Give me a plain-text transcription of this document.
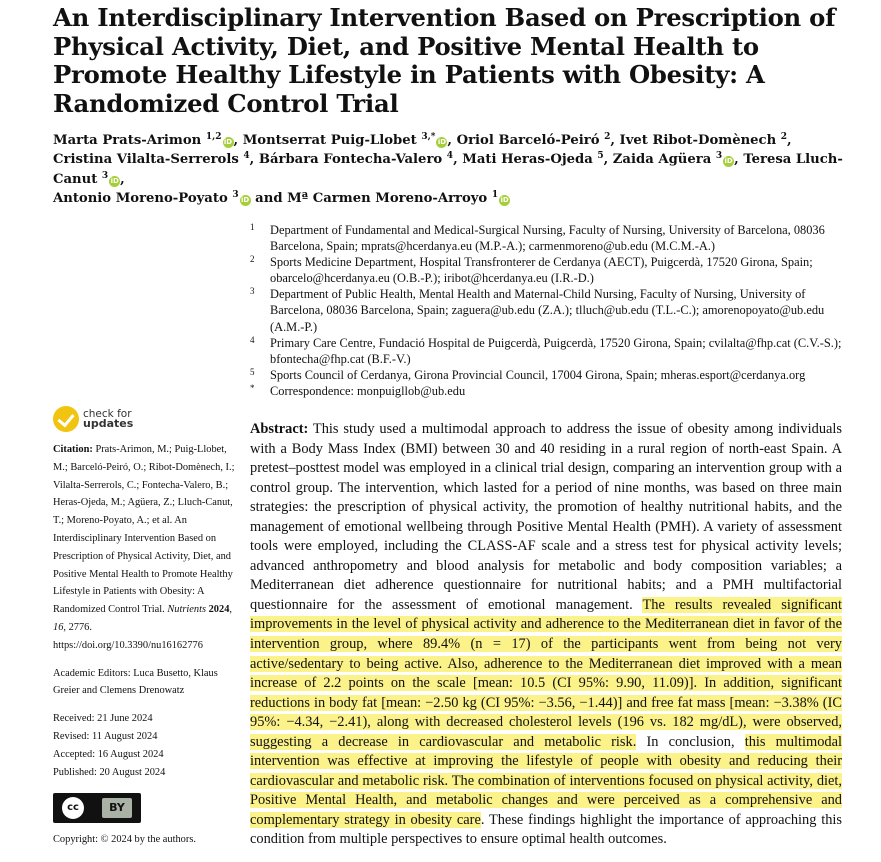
An Interdisciplinary Intervention Based on Prescription of Physical Activity, Diet, and Positive Mental Health to Promote Healthy Lifestyle in Patients with Obesity: A Randomized Control Trial
Marta Prats-Arimon $^{1,2}$ iD, Montserrat Puig-Llobet $^{3,*}$ iD, Oriol Barceló-Peiró $^2$, Ivet Ribot-Domènech $^2$,
Cristina Vilalta-Serrerols $^4$, Bárbara Fontecha-Valero $^4$, Mati Heras-Ojeda $^5$, Zaida Agüera $^3$ iD, Teresa Lluch-Canut $^3$ iD,
Antonio Moreno-Poyato $^3$ iD and Mª Carmen Moreno-Arroyo $^1$ iD
1 Department of Fundamental and Medical-Surgical Nursing, Faculty of Nursing, University of Barcelona, 08036 Barcelona, Spain; mprats@hcerdanya.eu (M.P.-A.); carmenmoreno@ub.edu (M.C.M.-A.)
2 Sports Medicine Department, Hospital Transfronterer de Cerdanya (AECT), Puigcerdà, 17520 Girona, Spain; obarcelo@hcerdanya.eu (O.B.-P.); iribot@hcerdanya.eu (I.R.-D.)
3 Department of Public Health, Mental Health and Maternal-Child Nursing, Faculty of Nursing, University of Barcelona, 08036 Barcelona, Spain; zaguera@ub.edu (Z.A.); tlluch@ub.edu (T.L.-C.); amorenopoyato@ub.edu (A.M.-P.)
4 Primary Care Centre, Fundació Hospital de Puigcerdà, Puigcerdà, 17520 Girona, Spain; cvilalta@fhp.cat (C.V.-S.); bfontecha@fhp.cat (B.F.-V.)
5 Sports Council of Cerdanya, Girona Provincial Council, 17004 Girona, Spain; mheras.esport@cerdanya.org
* Correspondence: monpuigllob@ub.edu
check for
updates

Citation: Prats-Arimon, M.; Puig-Llobet, M.; Barceló-Peiró, O.; Ribot-Domènech, I.; Vilalta-Serrerols, C.; Fontecha-Valero, B.; Heras-Ojeda, M.; Agüera, Z.; Lluch-Canut, T.; Moreno-Poyato, A.; et al. An Interdisciplinary Intervention Based on Prescription of Physical Activity, Diet, and Positive Mental Health to Promote Healthy Lifestyle in Patients with Obesity: A Randomized Control Trial. Nutrients 2024, 16, 2776. https://doi.org/10.3390/nu16162776

Academic Editors: Luca Busetto, Klaus Greier and Clemens Drenowatz

Received: 21 June 2024
Revised: 11 August 2024
Accepted: 16 August 2024
Published: 20 August 2024
cc	BY
Copyright: © 2024 by the authors.
Abstract: This study used a multimodal approach to address the issue of obesity among individuals with a Body Mass Index (BMI) between 30 and 40 residing in a rural region of north-east Spain. A pretest–posttest model was employed in a clinical trial design, comparing an intervention group with a control group. The intervention, which lasted for a period of nine months, was based on three main strategies: the prescription of physical activity, the promotion of healthy nutritional habits, and the management of emotional wellbeing through Positive Mental Health (PMH). A variety of assessment tools were employed, including the CLASS-AF scale and a stress test for physical activity levels; advanced anthropometry and blood analysis for metabolic and body composition variables; a Mediterranean diet adherence questionnaire for nutritional habits; and a PMH multifactorial questionnaire for the assessment of emotional management. The results revealed significant improvements in the level of physical activity and adherence to the Mediterranean diet in favor of the intervention group, where 89.4% (n = 17) of the participants went from being not very active/sedentary to being active. Also, adherence to the Mediterranean diet improved with a mean increase of 2.2 points on the scale [mean: 10.5 (CI 95%: 9.90, 11.09)]. In addition, significant reductions in body fat [mean: −2.50 kg (CI 95%: −3.56, −1.44)] and free fat mass [mean: −3.38% (IC 95%: −4.34, −2.41), along with decreased cholesterol levels (196 vs. 182 mg/dL), were observed, suggesting a decrease in cardiovascular and metabolic risk. In conclusion, this multimodal intervention was effective at improving the lifestyle of people with obesity and reducing their cardiovascular and metabolic risk. The combination of interventions focused on physical activity, diet, Positive Mental Health, and metabolic changes and were perceived as a comprehensive and complementary strategy in obesity care. These findings highlight the importance of approaching this condition from multiple perspectives to ensure optimal health outcomes.
